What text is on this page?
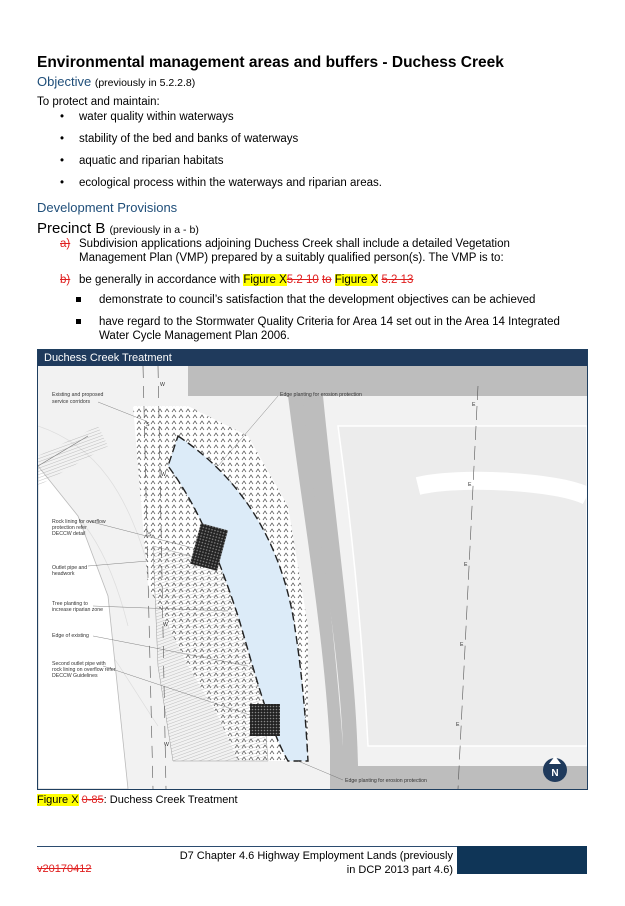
Environmental management areas and buffers - Duchess Creek
Objective (previously in 5.2.2.8)
To protect and maintain:
• water quality within waterways
• stability of the bed and banks of waterways
• aquatic and riparian habitats
• ecological process within the waterways and riparian areas.
Development Provisions
Precinct B (previously in a - b)
a) Subdivision applications adjoining Duchess Creek shall include a detailed Vegetation
Management Plan (VMP) prepared by a suitably qualified person(s). The VMP is to:
b) be generally in accordance with Figure X5.2 10 to Figure X 5.2 13
demonstrate to council’s satisfaction that the development objectives can be achieved
have regard to the Stormwater Quality Criteria for Area 14 set out in the Area 14 Integrated
Water Cycle Management Plan 2006.
Duchess Creek Treatment
E
E
E
E
E
S
S
W
W
W
W
Existing and proposed
service corridors
Edge planting for erosion protection
Rock lining for overflow
protection refer
DECCW detail
Outlet pipe and
headwork
Tree planting to
increase riparian zone
Edge of existing
Second outlet pipe with
rock lining on overflow refer
DECCW Guidelines
Edge planting for erosion protection
N
Figure X 0-85: Duchess Creek Treatment
D7 Chapter 4.6 Highway Employment Lands (previously
in DCP 2013 part 4.6)
v20170412
